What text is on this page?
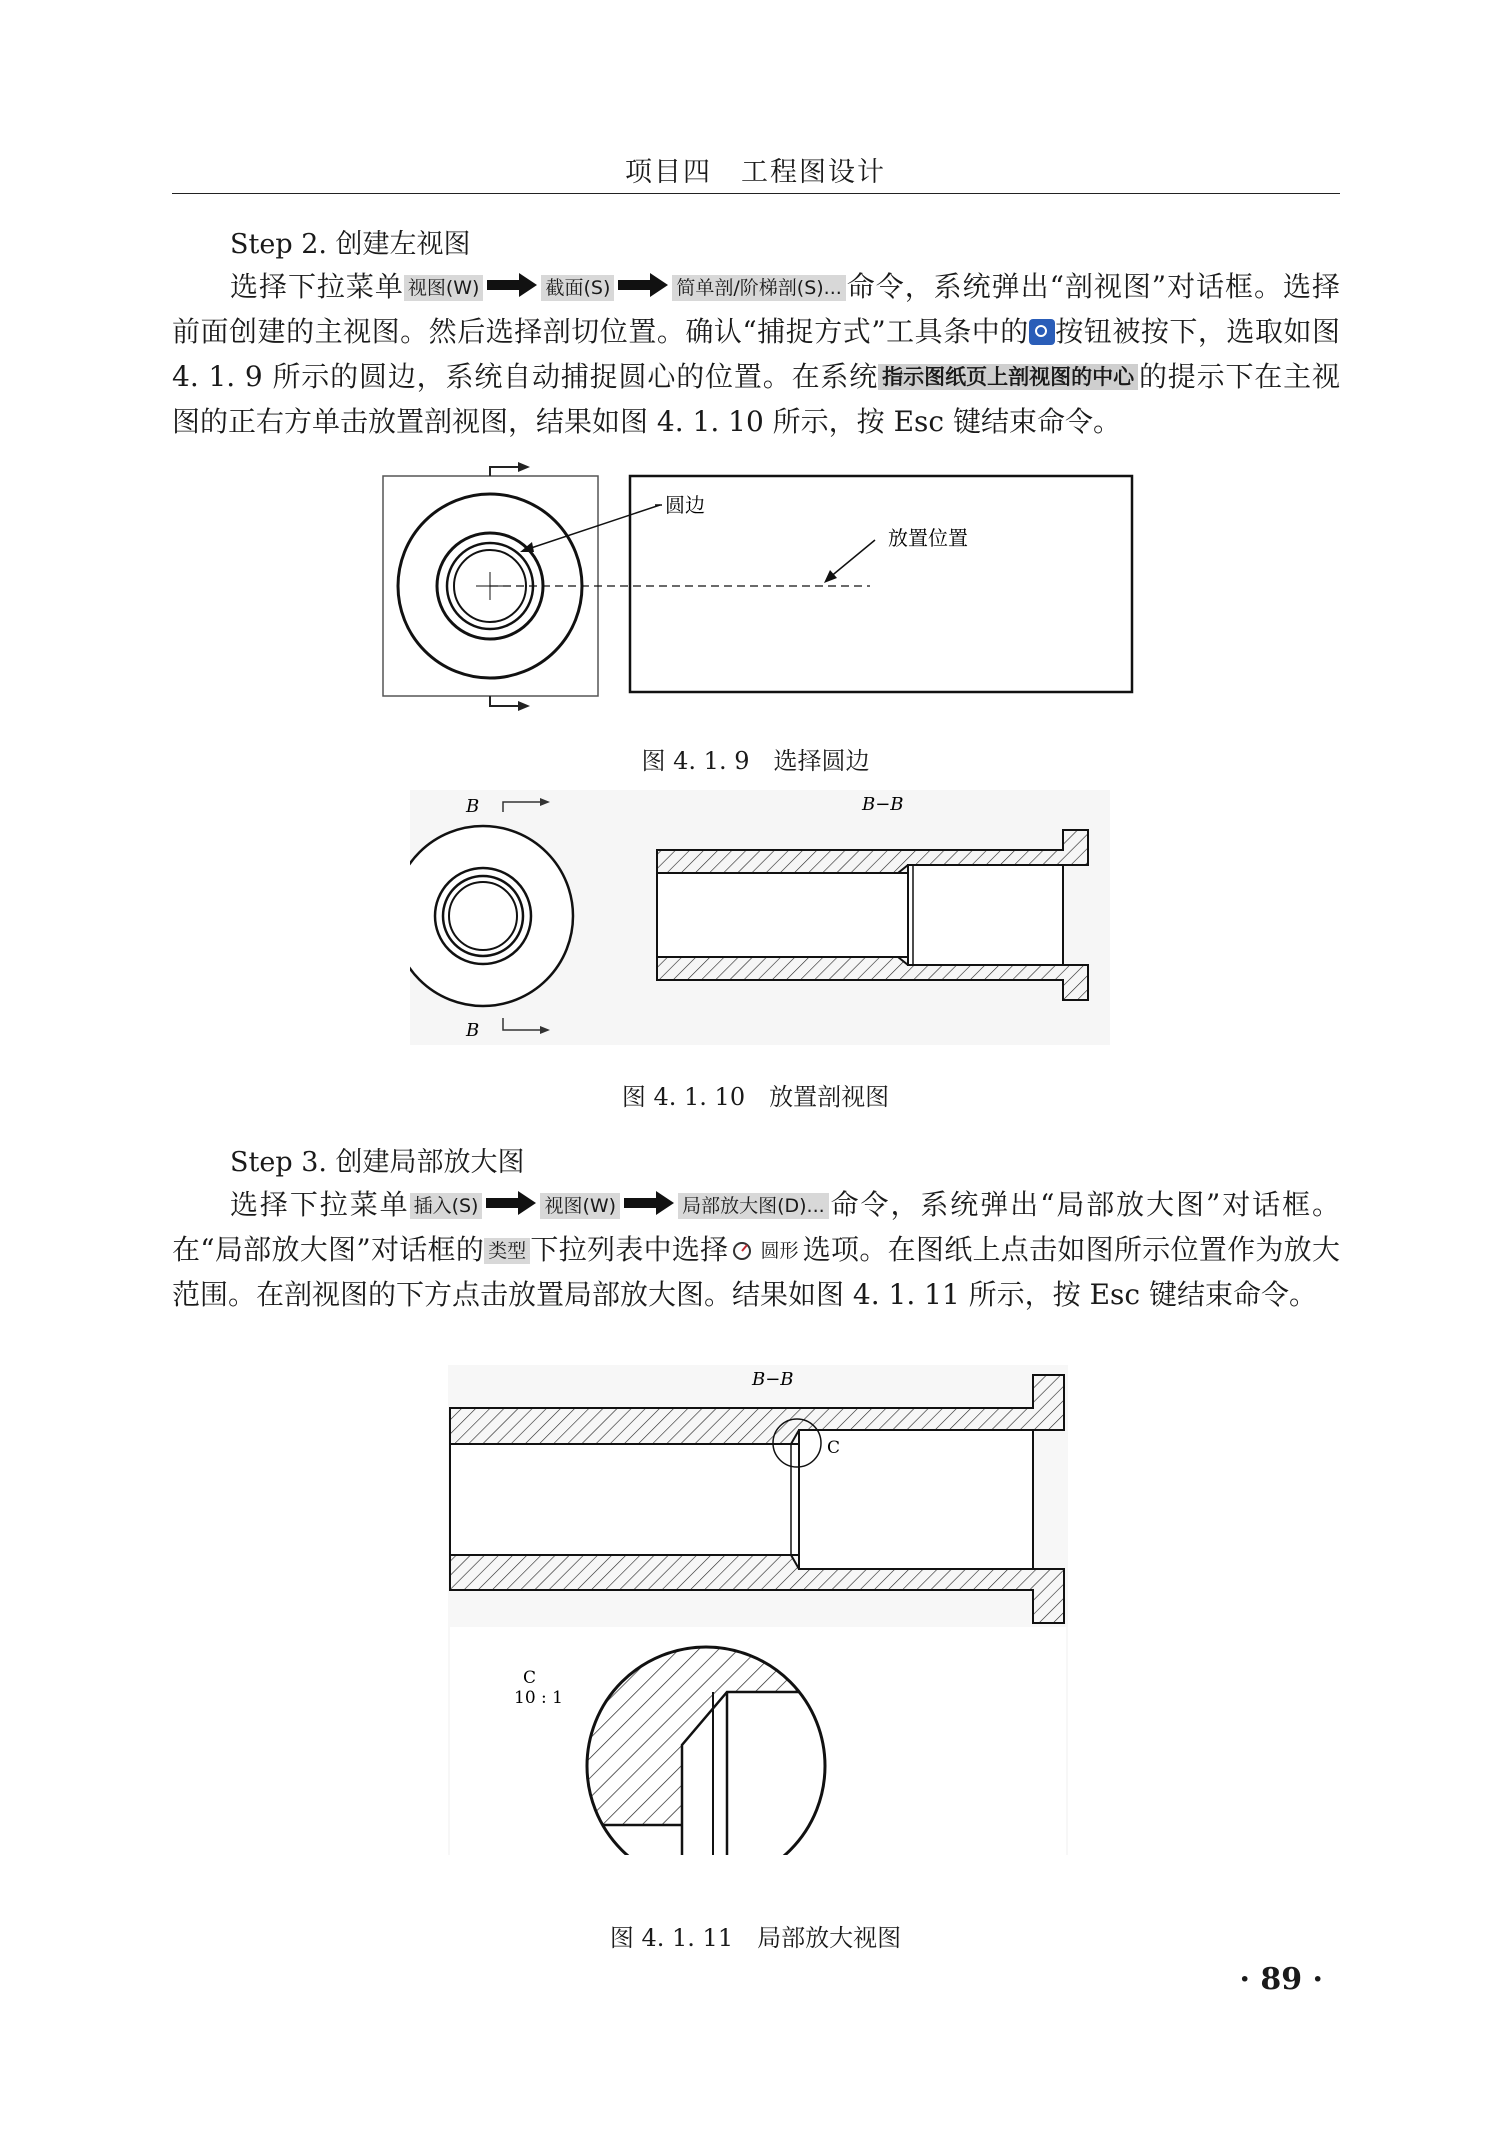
项目四　工程图设计
Step 2. 创建左视图

选择下拉菜单 视图(W)	截面(S)	简单剖/阶梯剖(S)... 命令，系统弹出“剖视图”对话框。选择前面创建的主视图。然后选择剖切位置。确认“捕捉方式”工具条中的 按钮被按下，选取如图 4. 1. 9 所示的圆边，系统自动捕捉圆心的位置。在系统 指示图纸页上剖视图的中心 的提示下在主视图的正右方单击放置剖视图，结果如图 4. 1. 10 所示，按 Esc 键结束命令。

圆边
放置位置
图 4. 1. 9　选择圆边
B
B
B−B
图 4. 1. 10　放置剖视图
Step 3. 创建局部放大图

选择下拉菜单 插入(S)	视图(W)	局部放大图(D)... 命令，系统弹出“局部放大图”对话框。在“局部放大图”对话框的 类型 下拉列表中选择 圆形 选项。在图纸上点击如图所示位置作为放大范围。在剖视图的下方点击放置局部放大图。结果如图 4. 1. 11 所示，按 Esc 键结束命令。

B−B
C
C
10 : 1
图 4. 1. 11　局部放大视图
· 89 ·
